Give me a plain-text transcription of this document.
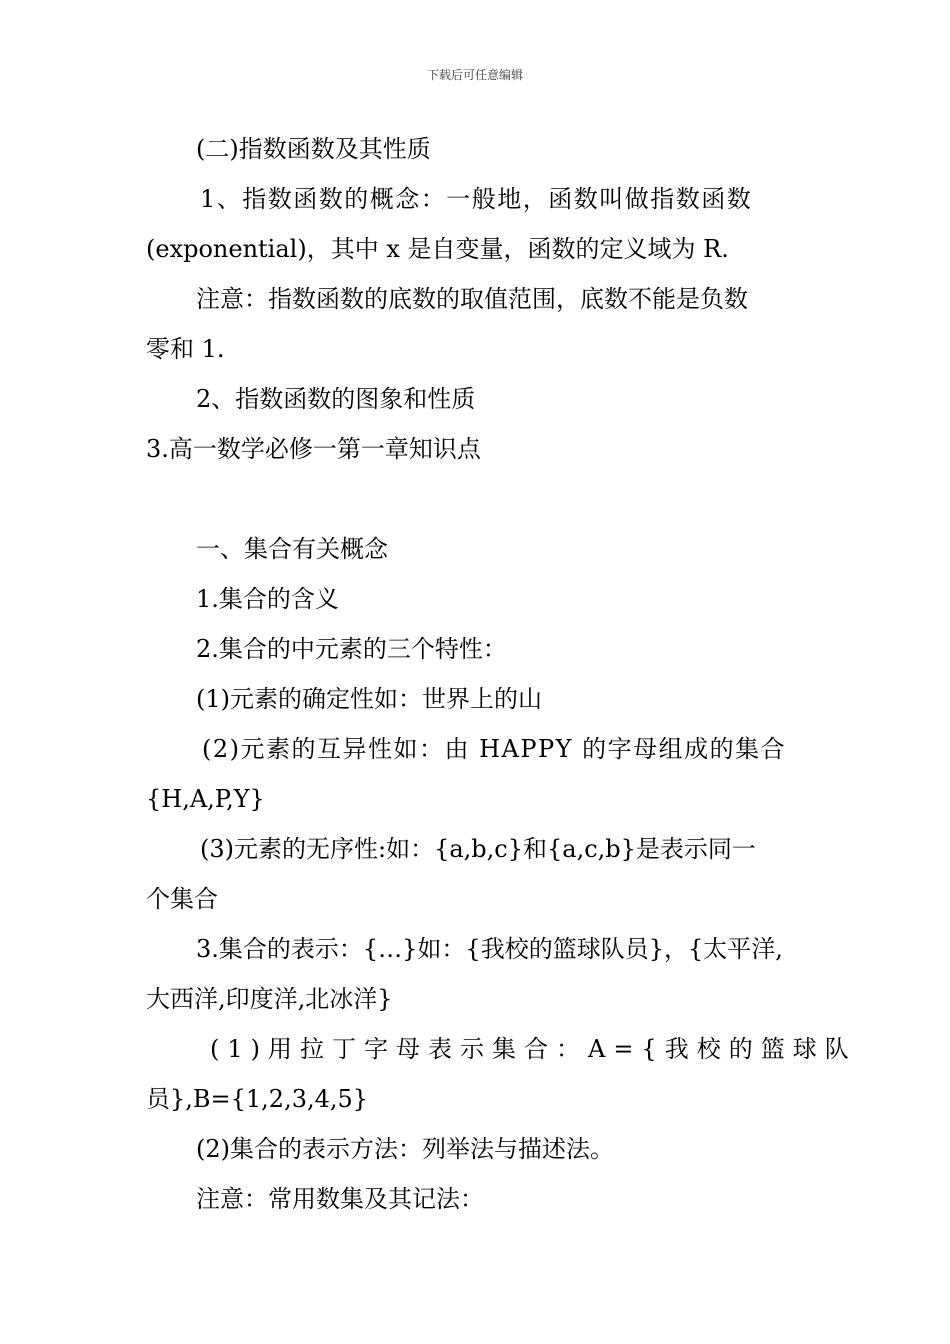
下载后可任意编辑
(二)指数函数及其性质
1、指数函数的概念：一般地，函数叫做指数函数
(exponential)，其中 x 是自变量，函数的定义域为 R.
注意：指数函数的底数的取值范围，底数不能是负数
零和 1.
2、指数函数的图象和性质
3.高一数学必修一第一章知识点
一、集合有关概念
1.集合的含义
2.集合的中元素的三个特性：
(1)元素的确定性如：世界上的山
(2)元素的互异性如：由 HAPPY 的字母组成的集合
{H,A,P,Y}
(3)元素的无序性:如：{a,b,c}和{a,c,b}是表示同一
个集合
3.集合的表示：{…}如：{我校的篮球队员}，{太平洋,
大西洋,印度洋,北冰洋}
(1)用拉丁字母表示集合：A={我校的篮球队
员},B={1,2,3,4,5}
(2)集合的表示方法：列举法与描述法。
注意：常用数集及其记法：
